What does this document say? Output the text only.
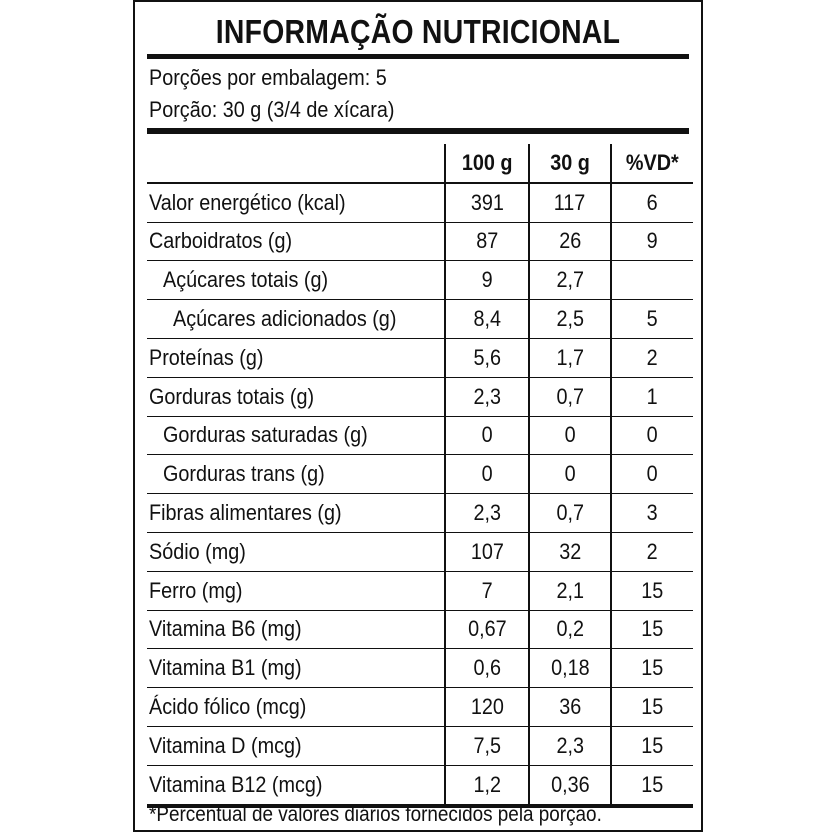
INFORMAÇÃO NUTRICIONAL
Porções por embalagem: 5
Porção: 30 g (3/4 de xícara)
	100 g	30 g	%VD*
Valor energético (kcal)	391	117	6
Carboidratos (g)	87	26	9
Açúcares totais (g)	9	2,7	
Açúcares adicionados (g)	8,4	2,5	5
Proteínas (g)	5,6	1,7	2
Gorduras totais (g)	2,3	0,7	1
Gorduras saturadas (g)	0	0	0
Gorduras trans (g)	0	0	0
Fibras alimentares (g)	2,3	0,7	3
Sódio (mg)	107	32	2
Ferro (mg)	7	2,1	15
Vitamina B6 (mg)	0,67	0,2	15
Vitamina B1 (mg)	0,6	0,18	15
Ácido fólico (mcg)	120	36	15
Vitamina D (mcg)	7,5	2,3	15
Vitamina B12 (mcg)	1,2	0,36	15
*Percentual de valores diários fornecidos pela porção.
